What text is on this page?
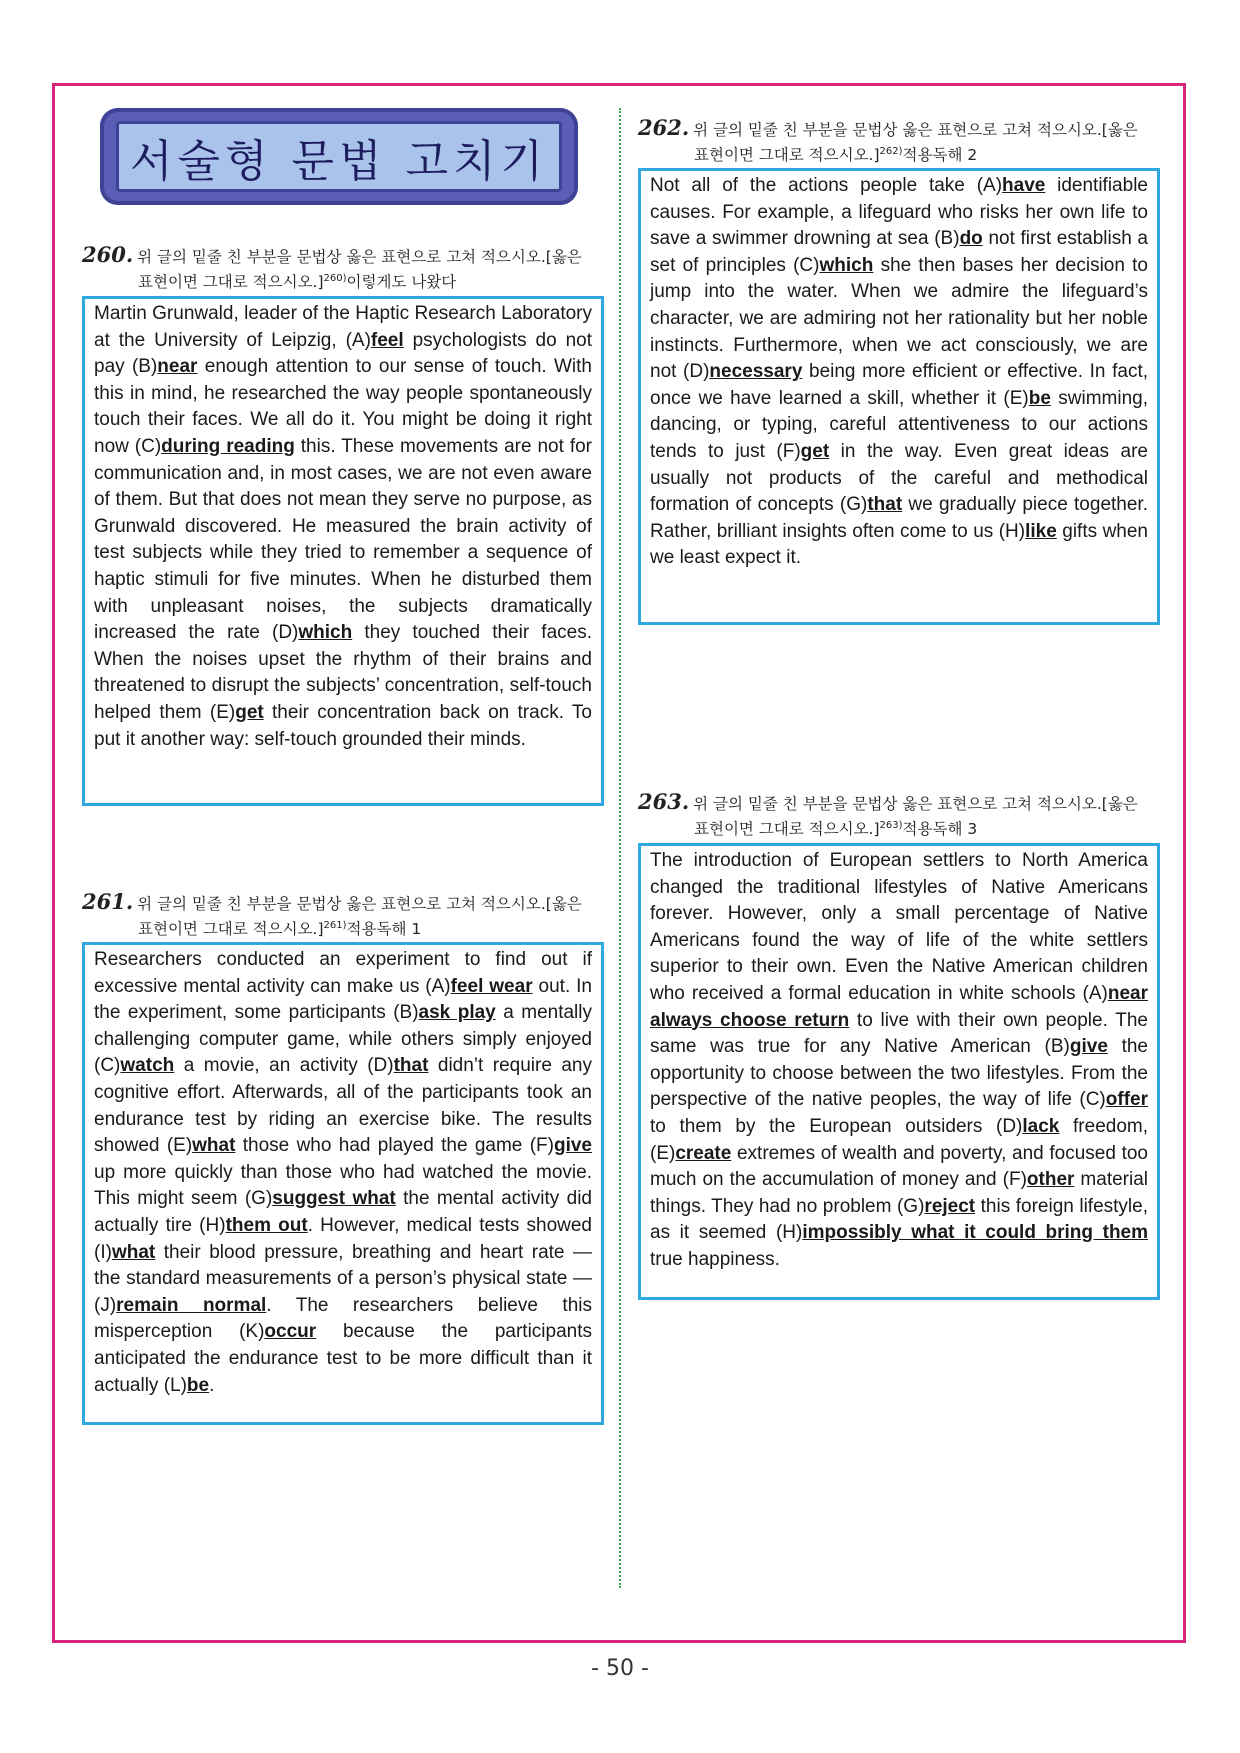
서술형 문법 고치기
260. 위 글의 밑줄 친 부분을 문법상 옳은 표현으로 고쳐 적으시오.[옳은
표현이면 그대로 적으시오.]$^{260)}$이렇게도 나왔다
Martin Grunwald, leader of the Haptic Research Laboratory at the University of Leipzig, (A)feel psychologists do not pay (B)near enough attention to our sense of touch. With this in mind, he researched the way people spontaneously touch their faces. We all do it. You might be doing it right now (C)during reading this. These movements are not for communication and, in most cases, we are not even aware of them. But that does not mean they serve no purpose, as Grunwald discovered. He measured the brain activity of test subjects while they tried to remember a sequence of haptic stimuli for five minutes. When he disturbed them with unpleasant noises, the subjects dramatically increased the rate (D)which they touched their faces. When the noises upset the rhythm of their brains and threatened to disrupt the subjects’ concentration, self-touch helped them (E)get their concentration back on track. To put it another way: self-touch grounded their minds.
261. 위 글의 밑줄 친 부분을 문법상 옳은 표현으로 고쳐 적으시오.[옳은
표현이면 그대로 적으시오.]$^{261)}$적용독해 1
Researchers conducted an experiment to find out if excessive mental activity can make us (A)feel wear out. In the experiment, some participants (B)ask play a mentally challenging computer game, while others simply enjoyed (C)watch a movie, an activity (D)that didn’t require any cognitive effort. Afterwards, all of the participants took an endurance test by riding an exercise bike. The results showed (E)what those who had played the game (F)give up more quickly than those who had watched the movie. This might seem (G)suggest what the mental activity did actually tire (H)them out. However, medical tests showed (I)what their blood pressure, breathing and heart rate — the standard measurements of a person’s physical state — (J)remain normal. The researchers believe this misperception (K)occur because the participants anticipated the endurance test to be more difficult than it actually (L)be.
262. 위 글의 밑줄 친 부분을 문법상 옳은 표현으로 고쳐 적으시오.[옳은
표현이면 그대로 적으시오.]$^{262)}$적용독해 2
Not all of the actions people take (A)have identifiable causes. For example, a lifeguard who risks her own life to save a swimmer drowning at sea (B)do not first establish a set of principles (C)which she then bases her decision to jump into the water. When we admire the lifeguard’s character, we are admiring not her rationality but her noble instincts. Furthermore, when we act consciously, we are not (D)necessary being more efficient or effective. In fact, once we have learned a skill, whether it (E)be swimming, dancing, or typing, careful attentiveness to our actions tends to just (F)get in the way. Even great ideas are usually not products of the careful and methodical formation of concepts (G)that we gradually piece together. Rather, brilliant insights often come to us (H)like gifts when we least expect it.
263. 위 글의 밑줄 친 부분을 문법상 옳은 표현으로 고쳐 적으시오.[옳은
표현이면 그대로 적으시오.]$^{263)}$적용독해 3
The introduction of European settlers to North America changed the traditional lifestyles of Native Americans forever. However, only a small percentage of Native Americans found the way of life of the white settlers superior to their own. Even the Native American children who received a formal education in white schools (A)near always choose return to live with their own people. The same was true for any Native American (B)give the opportunity to choose between the two lifestyles. From the perspective of the native peoples, the way of life (C)offer to them by the European outsiders (D)lack freedom, (E)create extremes of wealth and poverty, and focused too much on the accumulation of money and (F)other material things. They had no problem (G)reject this foreign lifestyle, as it seemed (H)impossibly what it could bring them true happiness.
- 50 -
